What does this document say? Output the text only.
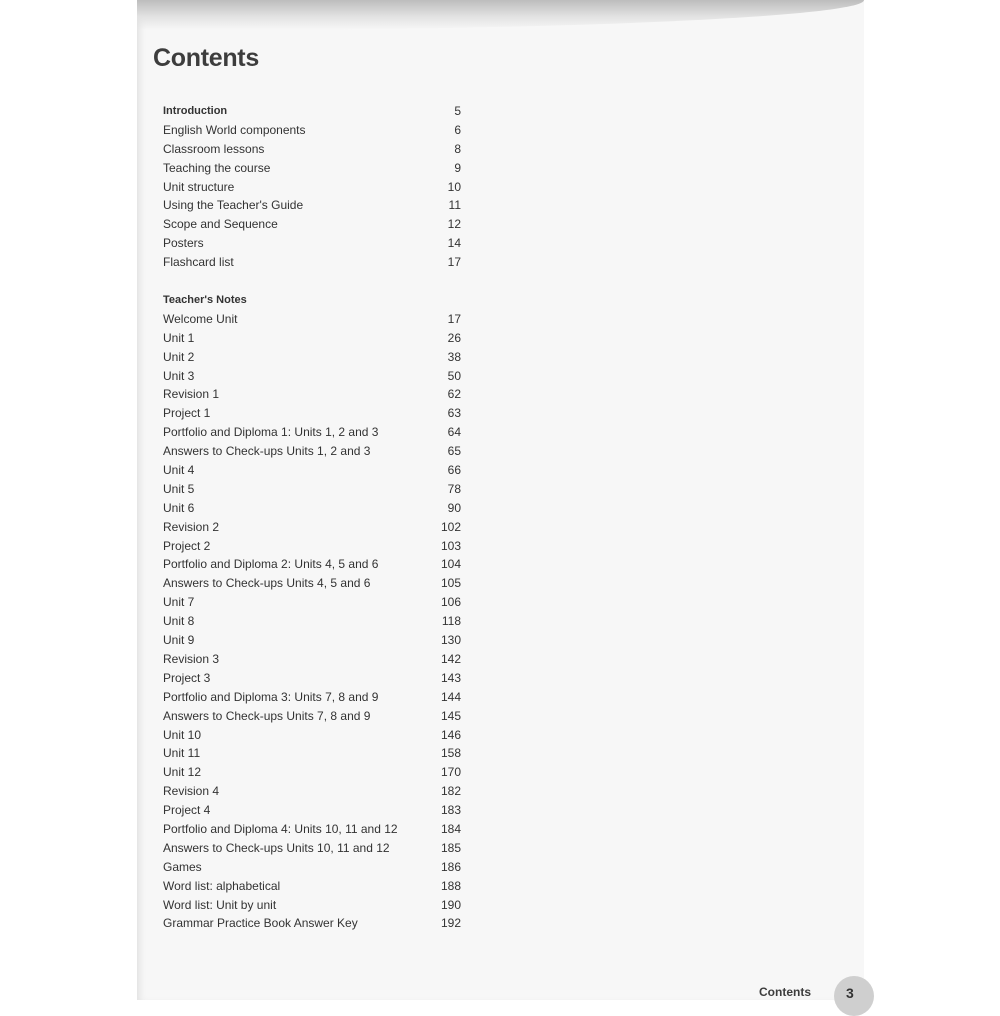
Contents
Introduction	5
English World components	6
Classroom lessons	8
Teaching the course	9
Unit structure	10
Using the Teacher's Guide	11
Scope and Sequence	12
Posters	14
Flashcard list	17
Teacher's Notes
Welcome Unit	17
Unit 1	26
Unit 2	38
Unit 3	50
Revision 1	62
Project 1	63
Portfolio and Diploma 1: Units 1, 2 and 3	64
Answers to Check-ups Units 1, 2 and 3	65
Unit 4	66
Unit 5	78
Unit 6	90
Revision 2	102
Project 2	103
Portfolio and Diploma 2: Units 4, 5 and 6	104
Answers to Check-ups Units 4, 5 and 6	105
Unit 7	106
Unit 8	118
Unit 9	130
Revision 3	142
Project 3	143
Portfolio and Diploma 3: Units 7, 8 and 9	144
Answers to Check-ups Units 7, 8 and 9	145
Unit 10	146
Unit 11	158
Unit 12	170
Revision 4	182
Project 4	183
Portfolio and Diploma 4: Units 10, 11 and 12	184
Answers to Check-ups Units 10, 11 and 12	185
Games	186
Word list: alphabetical	188
Word list: Unit by unit	190
Grammar Practice Book Answer Key	192
Contents	3
